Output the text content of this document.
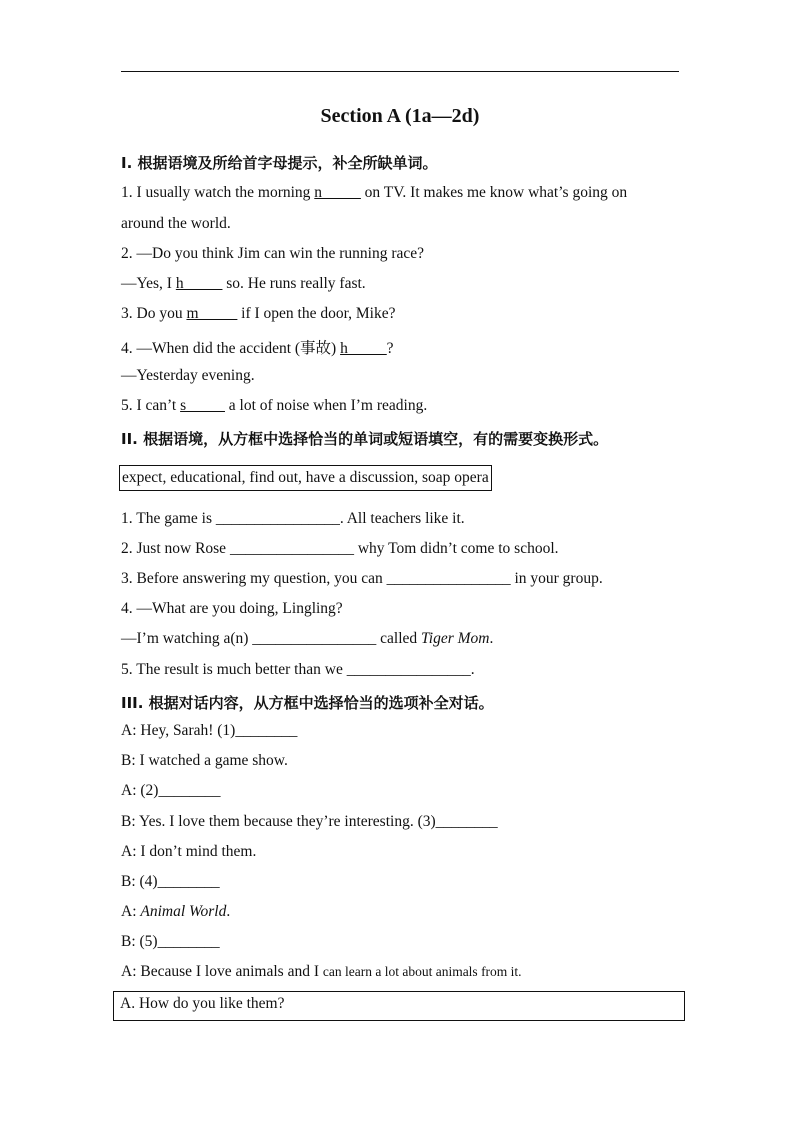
Section A (1a—2d)
I. 根据语境及所给首字母提示，补全所缺单词。
1. I usually watch the morning n_____ on TV. It makes me know what’s going on
around the world.
2. —Do you think Jim can win the running race?
—Yes, I h_____ so. He runs really fast.
3. Do you m_____ if I open the door, Mike?
4. —When did the accident (事故) h_____?
—Yesterday evening.
5. I can’t s_____ a lot of noise when I’m reading.
II. 根据语境，从方框中选择恰当的单词或短语填空，有的需要变换形式。
expect, educational, find out, have a discussion, soap opera
1. The game is ________________. All teachers like it.
2. Just now Rose ________________ why Tom didn’t come to school.
3. Before answering my question, you can ________________ in your group.
4. —What are you doing, Lingling?
—I’m watching a(n) ________________ called Tiger Mom.
5. The result is much better than we ________________.
III. 根据对话内容，从方框中选择恰当的选项补全对话。
A: Hey, Sarah! (1)________
B: I watched a game show.
A: (2)________
B: Yes. I love them because they’re interesting. (3)________
A: I don’t mind them.
B: (4)________
A: Animal World.
B: (5)________
A: Because I love animals and I can learn a lot about animals from it.
A. How do you like them?
